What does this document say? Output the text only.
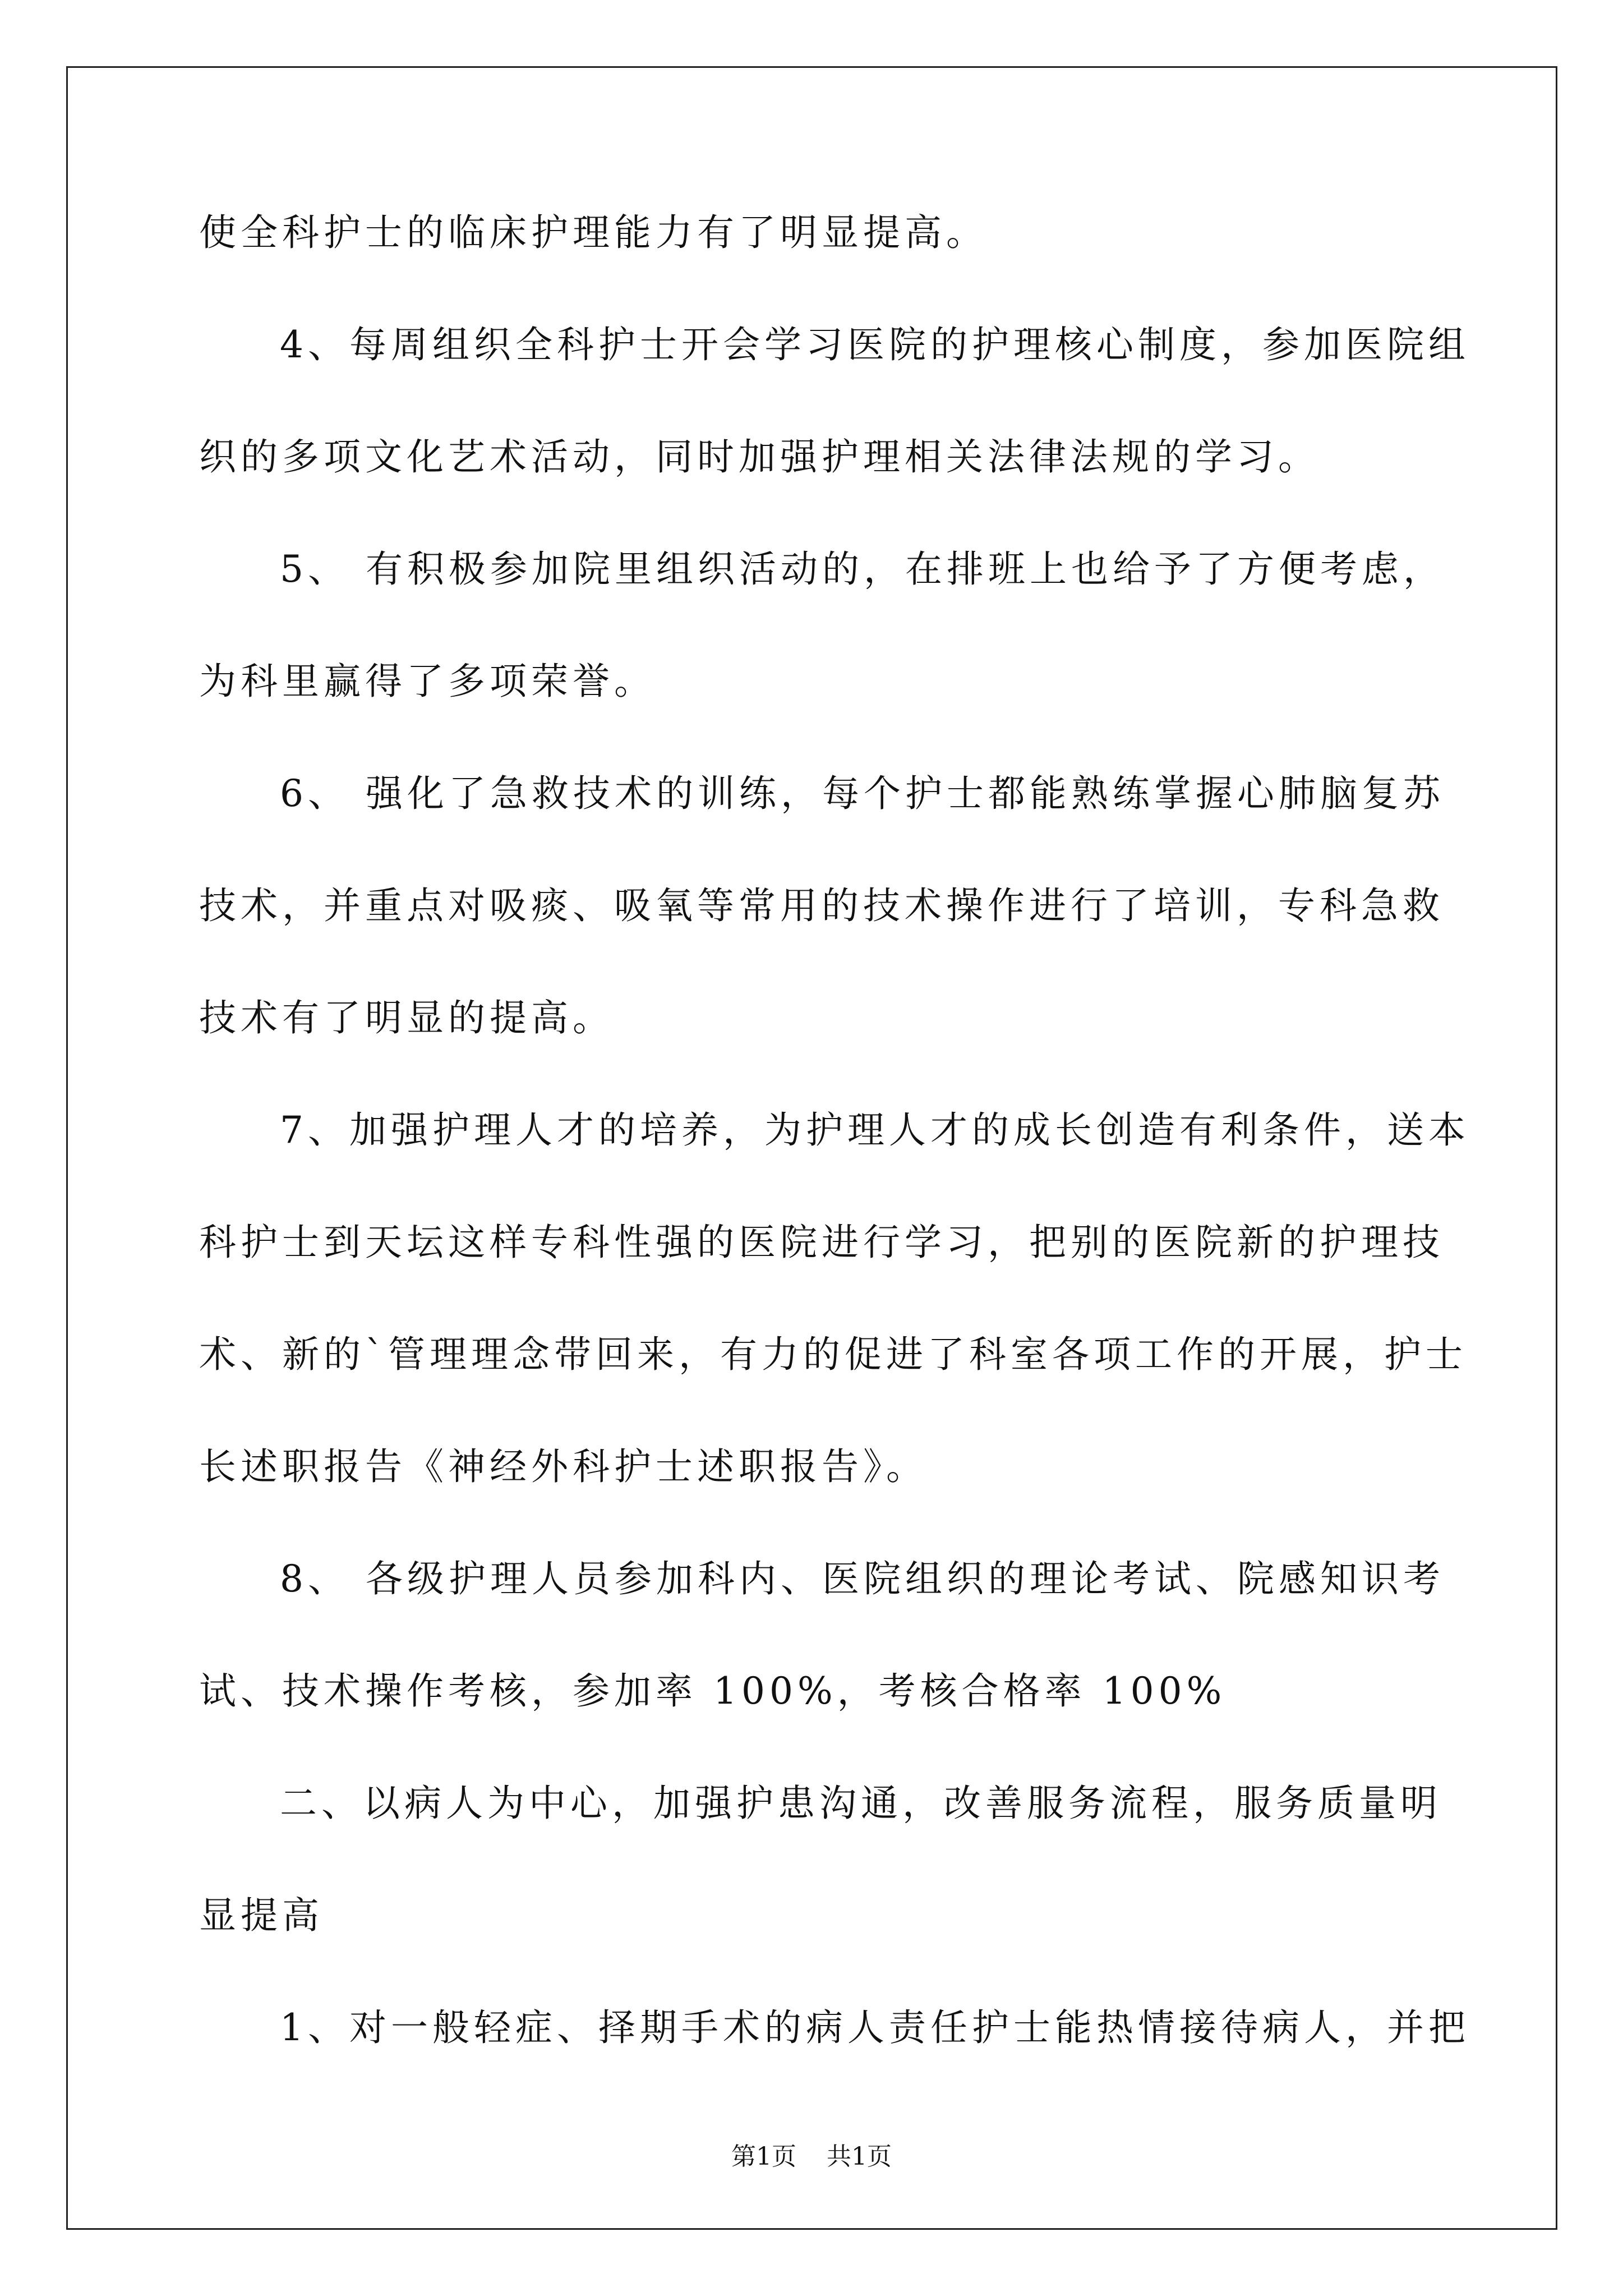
使全科护士的临床护理能力有了明显提高。
4、每周组织全科护士开会学习医院的护理核心制度，参加医院组
织的多项文化艺术活动，同时加强护理相关法律法规的学习。
5、 有积极参加院里组织活动的，在排班上也给予了方便考虑，
为科里赢得了多项荣誉。
6、 强化了急救技术的训练，每个护士都能熟练掌握心肺脑复苏
技术，并重点对吸痰、吸氧等常用的技术操作进行了培训，专科急救
技术有了明显的提高。
7、加强护理人才的培养，为护理人才的成长创造有利条件，送本
科护士到天坛这样专科性强的医院进行学习，把别的医院新的护理技
术、新的`管理理念带回来，有力的促进了科室各项工作的开展，护士
长述职报告《神经外科护士述职报告》。
8、 各级护理人员参加科内、医院组织的理论考试、院感知识考
试、技术操作考核，参加率 100%，考核合格率 100%
二、以病人为中心，加强护患沟通，改善服务流程，服务质量明
显提高
1、对一般轻症、择期手术的病人责任护士能热情接待病人，并把
第1页 共1页
